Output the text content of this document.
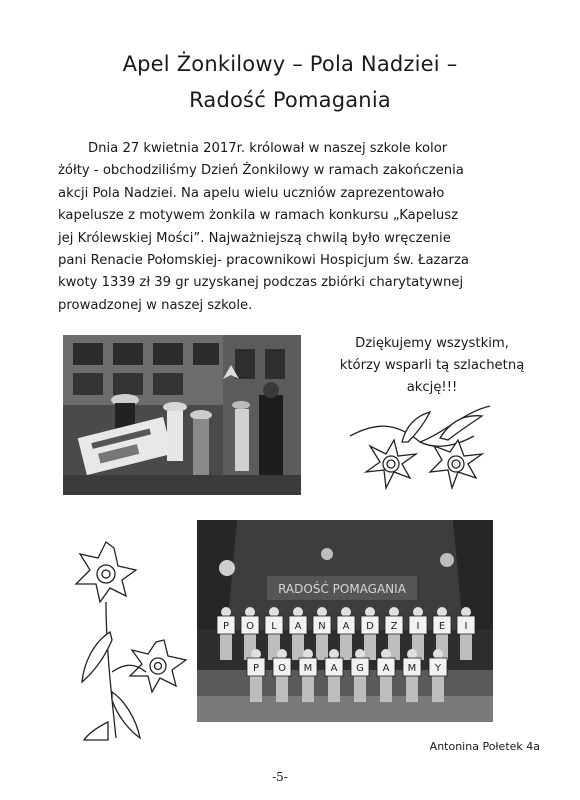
Apel Żonkilowy – Pola Nadziei –
Radość Pomagania
Dnia 27 kwietnia 2017r. królował w naszej szkole kolor
żółty - obchodziliśmy Dzień Żonkilowy w ramach zakończenia
akcji Pola Nadziei. Na apelu wielu uczniów zaprezentowało
kapelusze z motywem żonkila w ramach konkursu „Kapelusz
jej Królewskiej Mości”. Najważniejszą chwilą było wręczenie
pani Renacie Połomskiej- pracownikowi Hospicjum św. Łazarza
kwoty 1339 zł 39 gr uzyskanej podczas zbiórki charytatywnej
prowadzonej w naszej szkole.
Dziękujemy wszystkim,
którzy wsparli tą szlachetną
akcję!!!
RADOŚĆ POMAGANIA
P O L A N A D Z I E I
P O M A G A M Y
Antonina Połetek 4a
-5-
